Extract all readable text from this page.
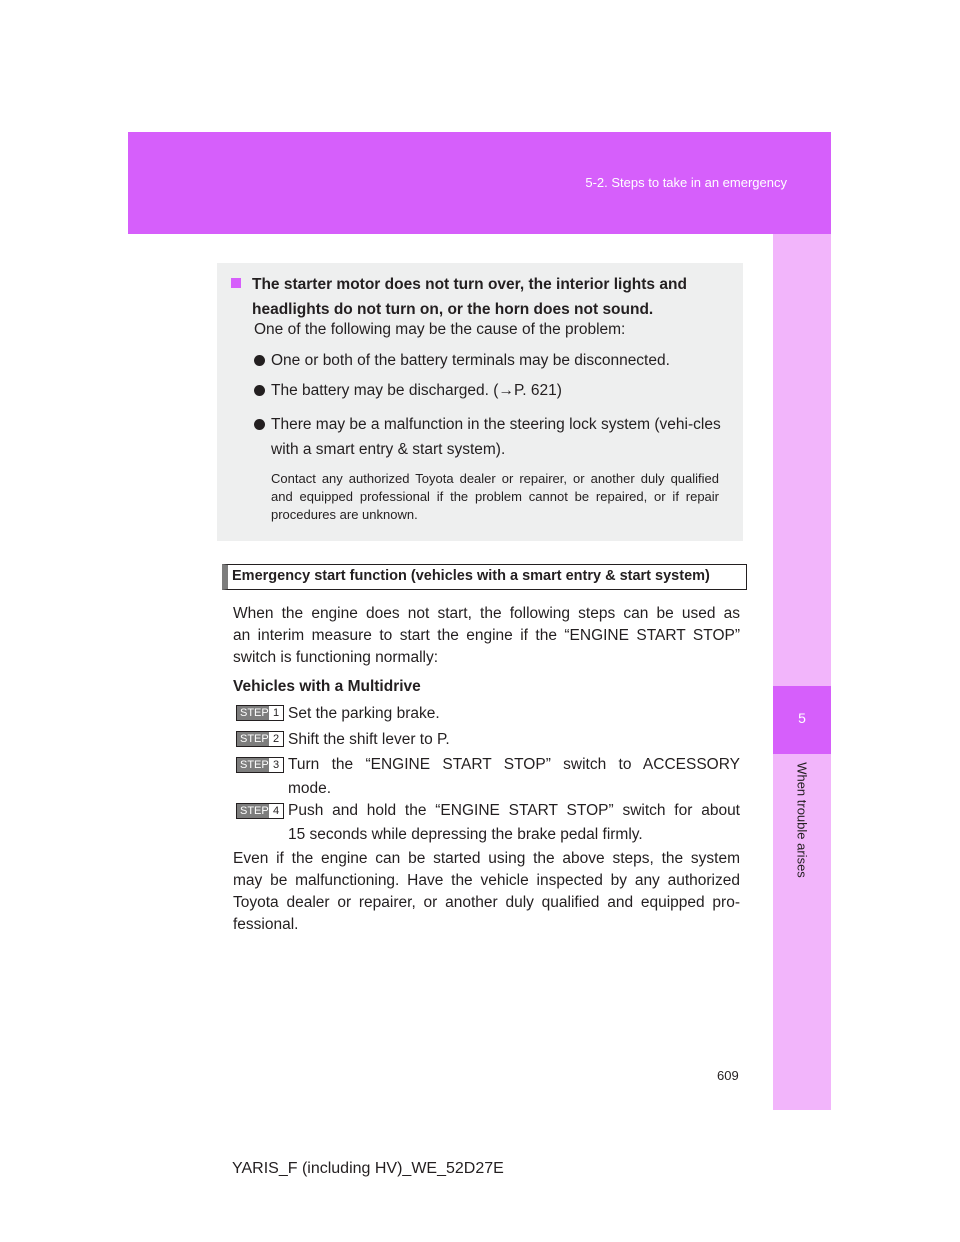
5-2. Steps to take in an emergency
5
When trouble arises
The starter motor does not turn over, the interior lights and headlights do not turn on, or the horn does not sound.
One of the following may be the cause of the problem:
One or both of the battery terminals may be disconnected.
The battery may be discharged. (→P. 621)
There may be a malfunction in the steering lock system (vehi-cles with a smart entry & start system).
Contact any authorized Toyota dealer or repairer, or another duly qualified and equipped professional if the problem cannot be repaired, or if repair procedures are unknown.
Emergency start function (vehicles with a smart entry & start system)
When the engine does not start, the following steps can be used as
an interim measure to start the engine if the “ENGINE START STOP”
switch is functioning normally:
Vehicles with a Multidrive
STEP 1 Set the parking brake.
STEP 2 Shift the shift lever to P.
STEP 3 Turn the “ENGINE START STOP” switch to ACCESSORY
mode.
STEP 4 Push and hold the “ENGINE START STOP” switch for about
15 seconds while depressing the brake pedal firmly.
Even if the engine can be started using the above steps, the system
may be malfunctioning. Have the vehicle inspected by any authorized
Toyota dealer or repairer, or another duly qualified and equipped pro-
fessional.
609
YARIS_F (including HV)_WE_52D27E
